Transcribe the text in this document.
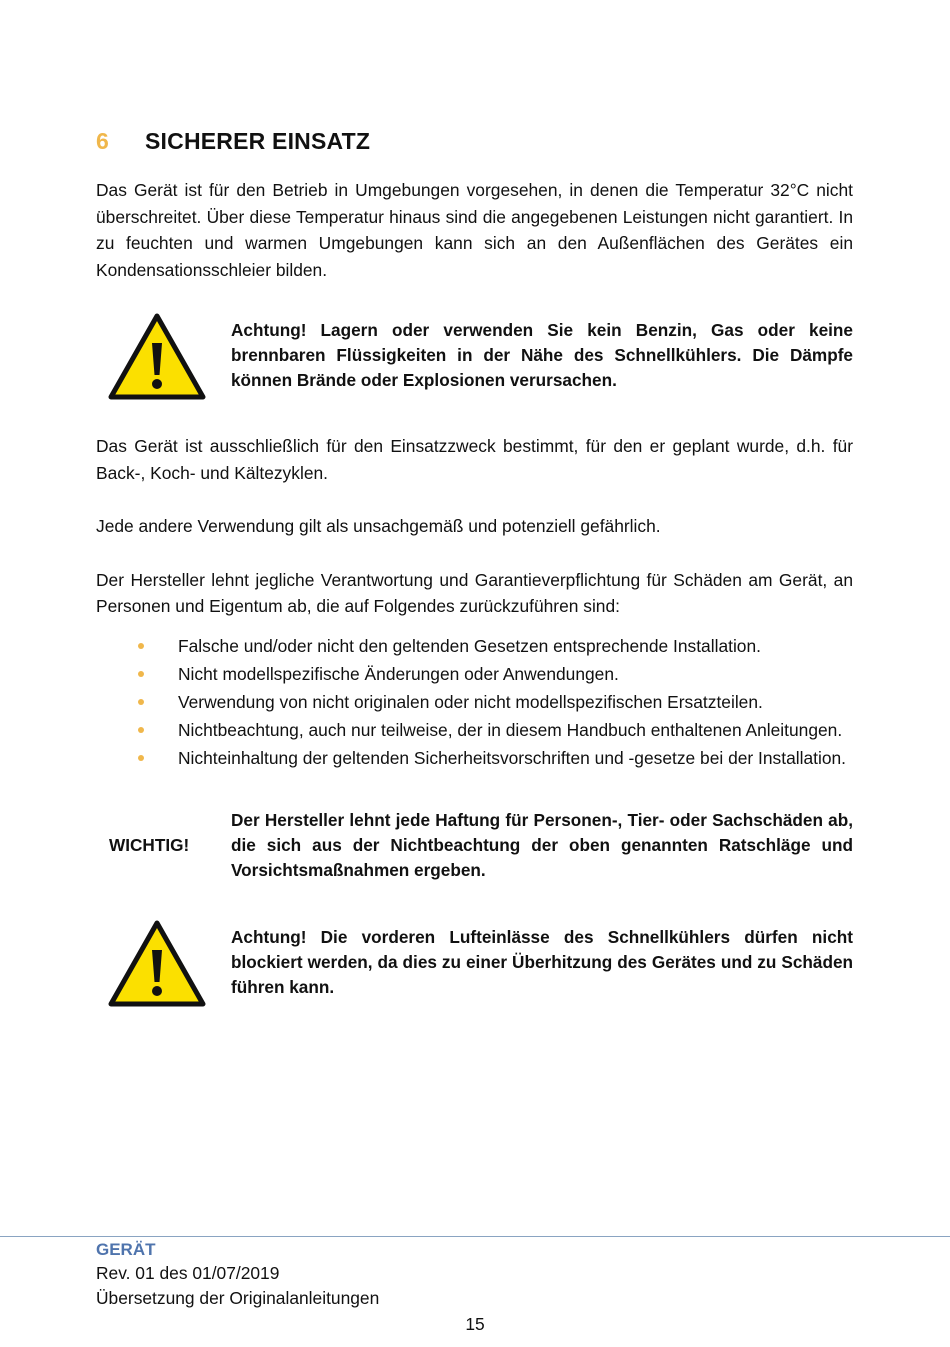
6	SICHERER EINSATZ

Das Gerät ist für den Betrieb in Umgebungen vorgesehen, in denen die Temperatur 32°C nicht überschreitet. Über diese Temperatur hinaus sind die angegebenen Leistungen nicht garantiert. In zu feuchten und warmen Umgebungen kann sich an den Außenflächen des Gerätes ein Kondensationsschleier bilden.

Achtung! Lagern oder verwenden Sie kein Benzin, Gas oder keine brennbaren Flüssigkeiten in der Nähe des Schnellkühlers. Die Dämpfe können Brände oder Explosionen verursachen.

Das Gerät ist ausschließlich für den Einsatzzweck bestimmt, für den er geplant wurde, d.h. für Back-, Koch- und Kältezyklen.

Jede andere Verwendung gilt als unsachgemäß und potenziell gefährlich.

Der Hersteller lehnt jegliche Verantwortung und Garantieverpflichtung für Schäden am Gerät, an Personen und Eigentum ab, die auf Folgendes zurückzuführen sind:

Falsche und/oder nicht den geltenden Gesetzen entsprechende Installation.
Nicht modellspezifische Änderungen oder Anwendungen.
Verwendung von nicht originalen oder nicht modellspezifischen Ersatzteilen.
Nichtbeachtung, auch nur teilweise, der in diesem Handbuch enthaltenen Anleitungen.
Nichteinhaltung der geltenden Sicherheitsvorschriften und -gesetze bei der Installation.
WICHTIG!
Der Hersteller lehnt jede Haftung für Personen-, Tier- oder Sachschäden ab, die sich aus der Nichtbeachtung der oben genannten Ratschläge und Vorsichtsmaßnahmen ergeben.
Achtung! Die vorderen Lufteinlässe des Schnellkühlers dürfen nicht blockiert werden, da dies zu einer Überhitzung des Gerätes und zu Schäden führen kann.
GERÄT
Rev. 01 des 01/07/2019
Übersetzung der Originalanleitungen
15
